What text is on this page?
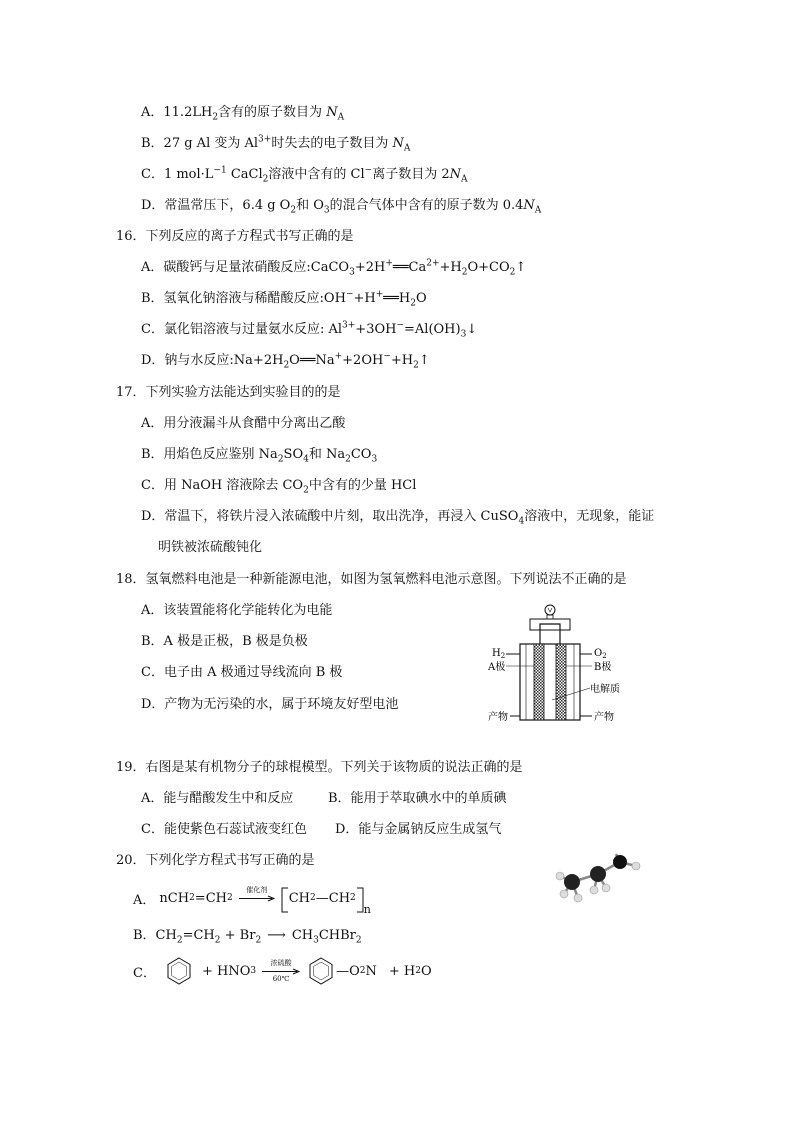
A．$11.2LH_2$含有的原子数目为 $N_A$
B．27 g Al 变为 $Al^{3+}$时失去的电子数目为 $N_A$
C．1 $mol\cdot L^{-1}$ CaCl$_2$溶液中含有的 Cl−离子数目为 $2N_A$
D．常温常压下，6.4 g $O_2$和 $O_3$的混合气体中含有的原子数为 $0.4N_A$
16．下列反应的离子方程式书写正确的是
A．碳酸钙与足量浓硝酸反应$:CaCO_3+2H^+══Ca^{2+}+H_2O+CO_2↑$
B．氢氧化钠溶液与稀醋酸反应$:OH^-+H^+══H_2O$
C．氯化铝溶液与过量氨水反应: $Al^{3+}+3OH^-=Al(OH)_3↓$
D．钠与水反应$:Na+2H_2O══Na^++2OH^-+H_2↑$
17．下列实验方法能达到实验目的的是
A．用分液漏斗从食醋中分离出乙酸
B．用焰色反应鉴别 $Na_2SO_4$和 $Na_2CO_3$
C．用 NaOH 溶液除去 $CO_2$中含有的少量 HCl
D．常温下，将铁片浸入浓硫酸中片刻，取出洗净，再浸入 CuSO$_4$溶液中，无现象，能证
明铁被浓硫酸钝化
18．氢氧燃料电池是一种新能源电池，如图为氢氧燃料电池示意图。下列说法不正确的是
A．该装置能将化学能转化为电能
B．A 极是正极，B 极是负极
C．电子由 A 极通过导线流向 B 极
D．产物为无污染的水，属于环境友好型电池
$H_2$	$O_2$
A极	B极
电解质
产物	产物
19．右图是某有机物分子的球棍模型。下列关于该物质的说法正确的是
A．能与醋酸发生中和反应	B．能用于萃取碘水中的单质碘
C．能使紫色石蕊试液变红色 D．能与金属钠反应生成氢气
20．下列化学方程式书写正确的是
A． n CH 2 =CH 2
催化剂
CH 2 —CH 2
n
B．$CH_2=CH_2 + Br_2$ ⟶ $CH_3CHBr_2$
C．	+ HNO 3
浓硫酸
60℃	— O 2 N + H 2 O
